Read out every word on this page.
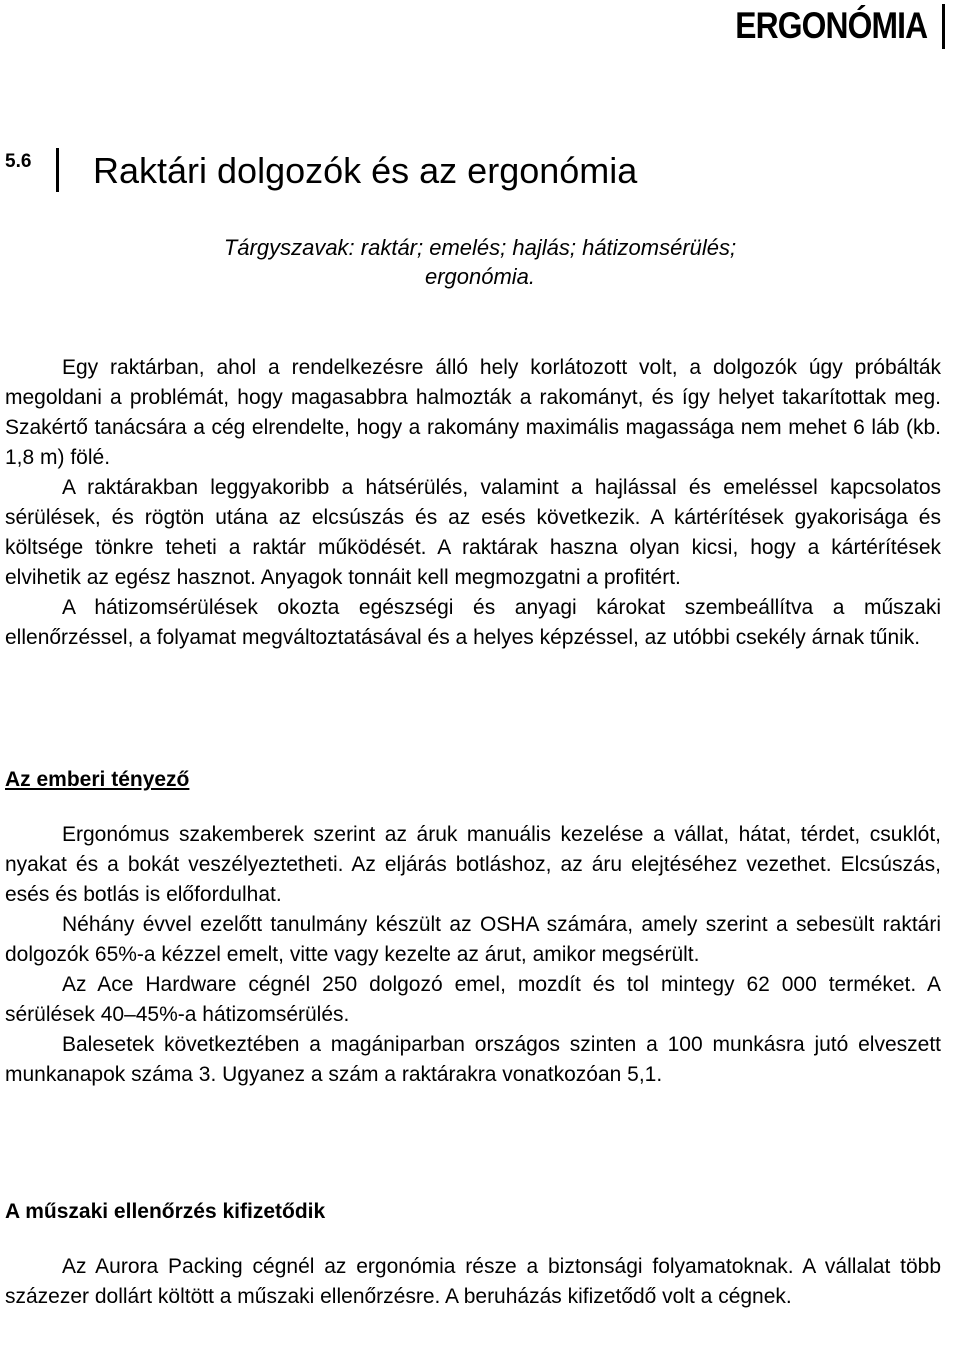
ERGONÓMIA
5.6 Raktári dolgozók és az ergonómia
Tárgyszavak: raktár; emelés; hajlás; hátizomsérülés;
ergonómia.

Egy raktárban, ahol a rendelkezésre álló hely korlátozott volt, a dolgozók úgy próbálták megoldani a problémát, hogy magasabbra halmozták a rakományt, és így helyet takarítottak meg. Szakértő tanácsára a cég elrendelte, hogy a rakomány maximális magassága nem mehet 6 láb (kb. 1,8 m) fölé.

A raktárakban leggyakoribb a hátsérülés, valamint a hajlással és emeléssel kapcsolatos sérülések, és rögtön utána az elcsúszás és az esés következik. A kártérítések gyakorisága és költsége tönkre teheti a raktár működését. A raktárak haszna olyan kicsi, hogy a kártérítések elvihetik az egész hasznot. Anyagok tonnáit kell megmozgatni a profitért.

A hátizomsérülések okozta egészségi és anyagi károkat szembeállítva a műszaki ellenőrzéssel, a folyamat megváltoztatásával és a helyes képzéssel, az utóbbi csekély árnak tűnik.

Az emberi tényező

Ergonómus szakemberek szerint az áruk manuális kezelése a vállat, hátat, térdet, csuklót, nyakat és a bokát veszélyeztetheti. Az eljárás botláshoz, az áru elejtéséhez vezethet. Elcsúszás, esés és botlás is előfordulhat.

Néhány évvel ezelőtt tanulmány készült az OSHA számára, amely szerint a sebesült raktári dolgozók 65%-a kézzel emelt, vitte vagy kezelte az árut, amikor megsérült.

Az Ace Hardware cégnél 250 dolgozó emel, mozdít és tol mintegy 62 000 terméket. A sérülések 40–45%-a hátizomsérülés.

Balesetek következtében a magániparban országos szinten a 100 munkásra jutó elveszett munkanapok száma 3. Ugyanez a szám a raktárakra vonatkozóan 5,1.

A műszaki ellenőrzés kifizetődik

Az Aurora Packing cégnél az ergonómia része a biztonsági folyamatoknak. A vállalat több százezer dollárt költött a műszaki ellenőrzésre. A beruházás kifizetődő volt a cégnek.
